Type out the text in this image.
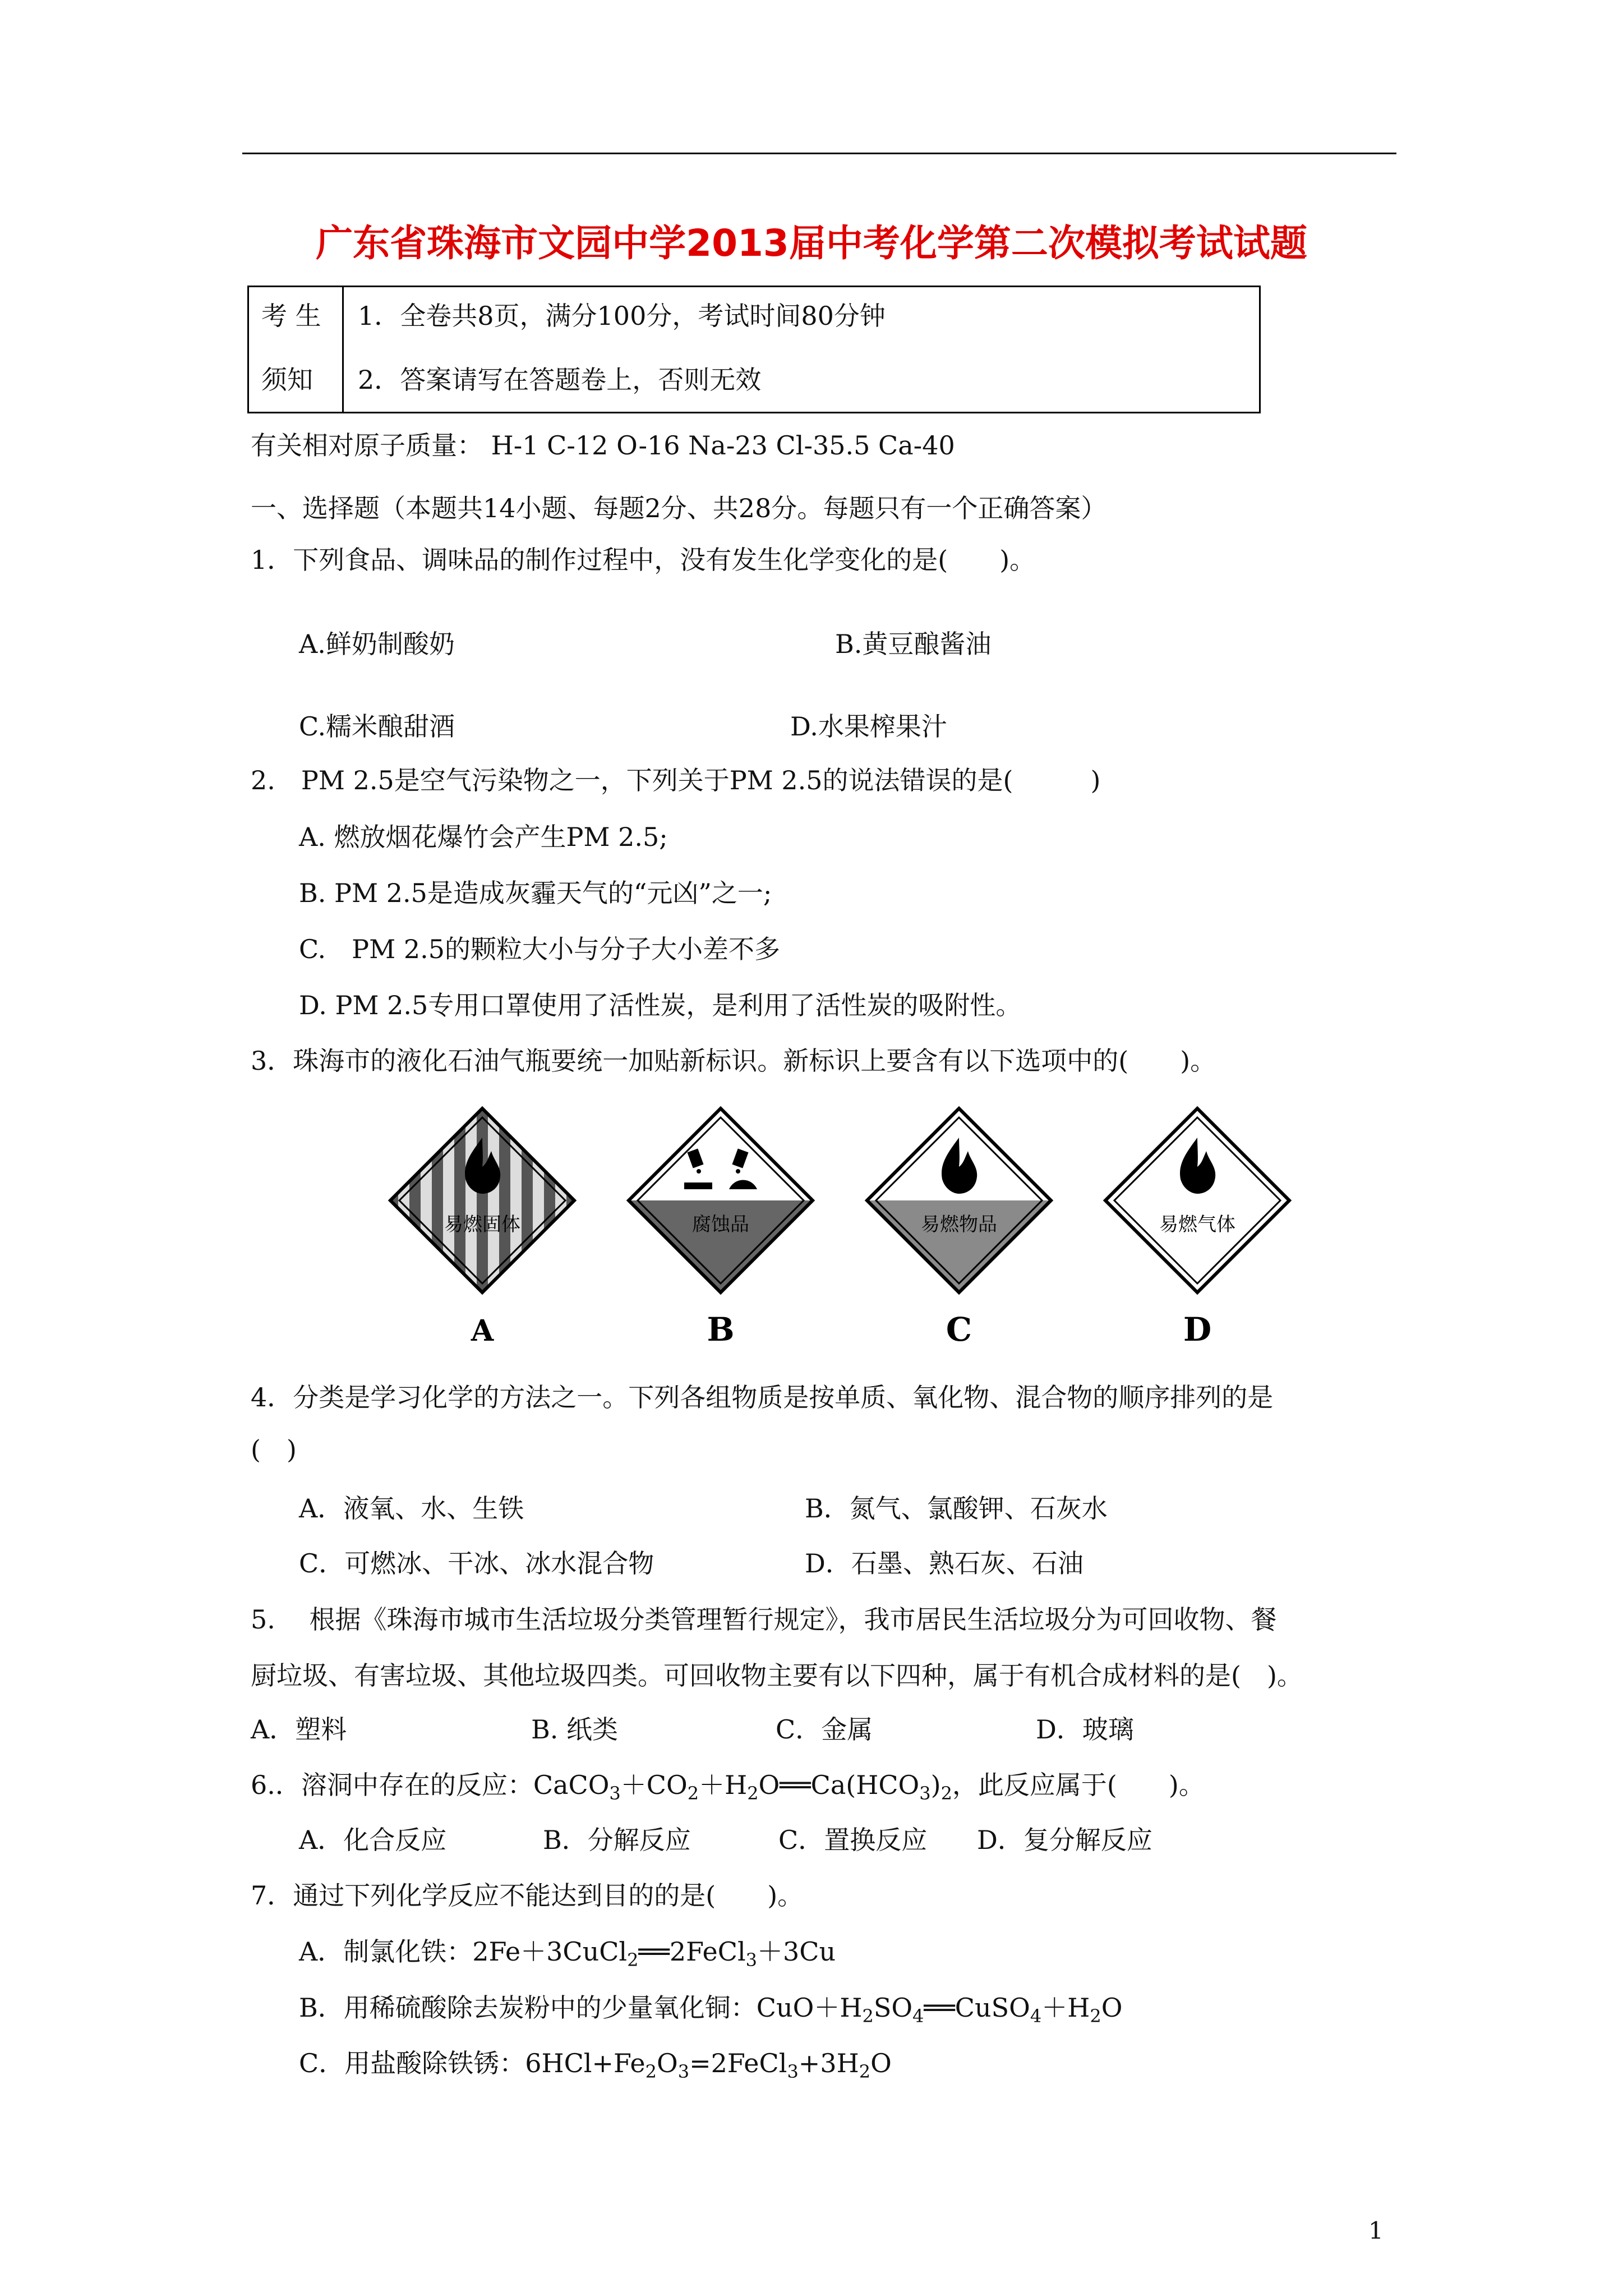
广东省珠海市文园中学2013届中考化学第二次模拟考试试题
考 生
须知
1．全卷共8页，满分100分，考试时间80分钟
2．答案请写在答题卷上，否则无效
有关相对原子质量： H-1 C-12 O-16 Na-23 Cl-35.5 Ca-40
一、选择题（本题共14小题、每题2分、共28分。每题只有一个正确答案）
1．下列食品、调味品的制作过程中，没有发生化学变化的是(　　)。
A.鲜奶制酸奶	B.黄豆酿酱油
C.糯米酿甜酒	D.水果榨果汁
2.　PM 2.5是空气污染物之一，下列关于PM 2.5的说法错误的是(　　　)
A. 燃放烟花爆竹会产生PM 2.5;
B. PM 2.5是造成灰霾天气的“元凶”之一;
C.　PM 2.5的颗粒大小与分子大小差不多
D. PM 2.5专用口罩使用了活性炭，是利用了活性炭的吸附性。
3．珠海市的液化石油气瓶要统一加贴新标识。新标识上要含有以下选项中的(　　)。
易燃固体	腐蚀品	易燃物品	易燃气体
A	B	C	D
4．分类是学习化学的方法之一。下列各组物质是按单质、氧化物、混合物的顺序排列的是
(　)
A．液氧、水、生铁	B．氮气、氯酸钾、石灰水
C．可燃冰、干冰、冰水混合物	D．石墨、熟石灰、石油
5.　 根据《珠海市城市生活垃圾分类管理暂行规定》，我市居民生活垃圾分为可回收物、餐
厨垃圾、有害垃圾、其他垃圾四类。可回收物主要有以下四种，属于有机合成材料的是(　)。
A．塑料	B. 纸类	C．金属	D．玻璃
6.．溶洞中存在的反应：$CaCO_3+CO_2+H_2O══Ca(HCO_3)_2$，此反应属于(　　)。
A．化合反应	B．分解反应	C．置换反应 D．复分解反应
7．通过下列化学反应不能达到目的的是(　　)。
A．制氯化铁：2Fe＋3CuCl$_2$══2FeCl$_3$＋3Cu
B．用稀硫酸除去炭粉中的少量氧化铜：$CuO+H_2SO_4══CuSO_4+H_2O$
C．用盐酸除铁锈：$6HCl+Fe_2O_3=2FeCl_3+3H_2O$
1
